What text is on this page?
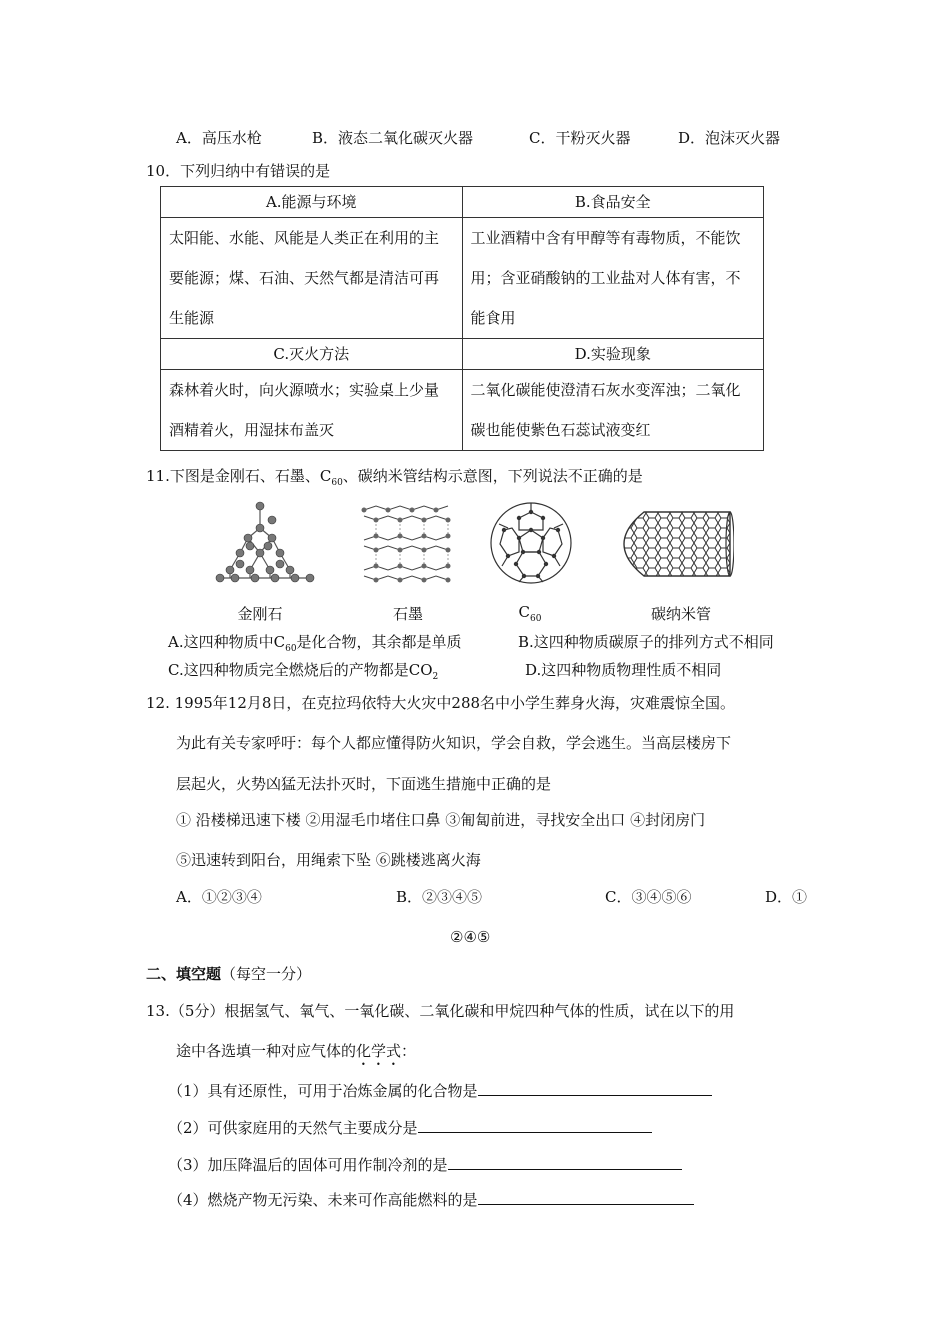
A．高压水枪	B．液态二氧化碳灭火器	C．干粉灭火器	D．泡沫灭火器
10．下列归纳中有错误的是
A.能源与环境	B.食品安全
太阳能、水能、风能是人类正在利用的主要能源；煤、石油、天然气都是清洁可再生能源	工业酒精中含有甲醇等有毒物质，不能饮用；含亚硝酸钠的工业盐对人体有害，不能食用
C.灭火方法	D.实验现象
森林着火时，向火源喷水；实验桌上少量酒精着火，用湿抹布盖灭	二氧化碳能使澄清石灰水变浑浊；二氧化碳也能使紫色石蕊试液变红
11.下图是金刚石、石墨、$C_{60}$、碳纳米管结构示意图，下列说法不正确的是
金刚石	石墨	$C_{60}$	碳纳米管
A.这四种物质中$C_{60}$是化合物，其余都是单质	B.这四种物质碳原子的排列方式不相同
C.这四种物质完全燃烧后的产物都是$CO_2$	D.这四种物质物理性质不相同
12. 1995年12月8日，在克拉玛依特大火灾中288名中小学生葬身火海，灾难震惊全国。
为此有关专家呼吁：每个人都应懂得防火知识，学会自救，学会逃生。当高层楼房下
层起火，火势凶猛无法扑灭时，下面逃生措施中正确的是
① 沿楼梯迅速下楼 ②用湿毛巾堵住口鼻 ③匍匐前进，寻找安全出口 ④封闭房门
⑤迅速转到阳台，用绳索下坠 ⑥跳楼逃离火海
A．①②③④	B．②③④⑤	C．③④⑤⑥	D．①
②④⑤
二、填空题（每空一分）
13.（5分）根据氢气、氧气、一氧化碳、二氧化碳和甲烷四种气体的性质，试在以下的用
途中各选填一种对应气体的化学式：
（1）具有还原性，可用于冶炼金属的化合物是
（2）可供家庭用的天然气主要成分是
（3）加压降温后的固体可用作制冷剂的是
（4）燃烧产物无污染、未来可作高能燃料的是
